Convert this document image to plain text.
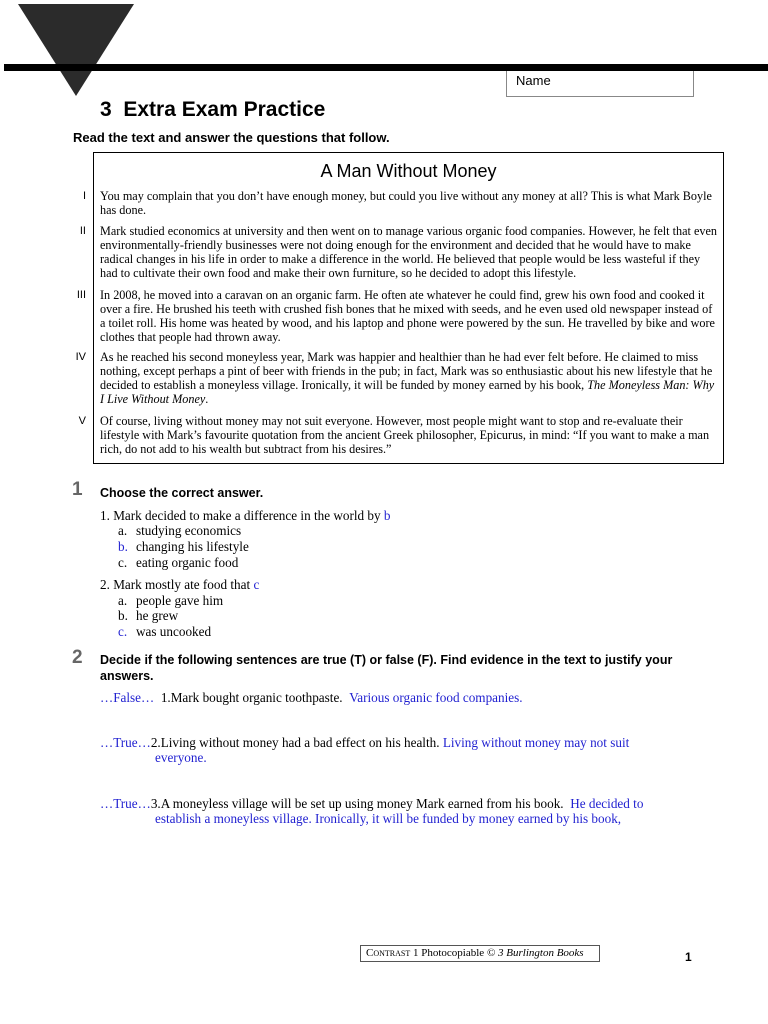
Name
3 Extra Exam Practice
Read the text and answer the questions that follow.
A Man Without Money
I You may complain that you don’t have enough money, but could you live without any money at all? This is what Mark Boyle has done.
II Mark studied economics at university and then went on to manage various organic food companies. However, he felt that even environmentally-friendly businesses were not doing enough for the environment and decided that he would have to make radical changes in his life in order to make a difference in the world. He believed that people would be less wasteful if they had to cultivate their own food and make their own furniture, so he decided to adopt this lifestyle.
III In 2008, he moved into a caravan on an organic farm. He often ate whatever he could find, grew his own food and cooked it over a fire. He brushed his teeth with crushed fish bones that he mixed with seeds, and he even used old newspaper instead of a toilet roll. His home was heated by wood, and his laptop and phone were powered by the sun. He travelled by bike and wore clothes that people had thrown away.
IV As he reached his second moneyless year, Mark was happier and healthier than he had ever felt before. He claimed to miss nothing, except perhaps a pint of beer with friends in the pub; in fact, Mark was so enthusiastic about his new lifestyle that he decided to establish a moneyless village. Ironically, it will be funded by money earned by his book, The Moneyless Man: Why I Live Without Money.
V Of course, living without money may not suit everyone. However, most people might want to stop and re-evaluate their lifestyle with Mark’s favourite quotation from the ancient Greek philosopher, Epicurus, in mind: “If you want to make a man rich, do not add to his wealth but subtract from his desires.”
1 Choose the correct answer.
1. Mark decided to make a difference in the world by b
a. studying economics
b. changing his lifestyle
c. eating organic food
2. Mark mostly ate food that c
a. people gave him
b. he grew
c. was uncooked
2 Decide if the following sentences are true (T) or false (F). Find evidence in the text to justify your answers.
…False… 1.Mark bought organic toothpaste. Various organic food companies.
…True…2.Living without money had a bad effect on his health. Living without money may not suit
everyone.
…True…3.A moneyless village will be set up using money Mark earned from his book. He decided to
establish a moneyless village. Ironically, it will be funded by money earned by his book,
Contrast 1 Photocopiable © 3 Burlington Books	1
